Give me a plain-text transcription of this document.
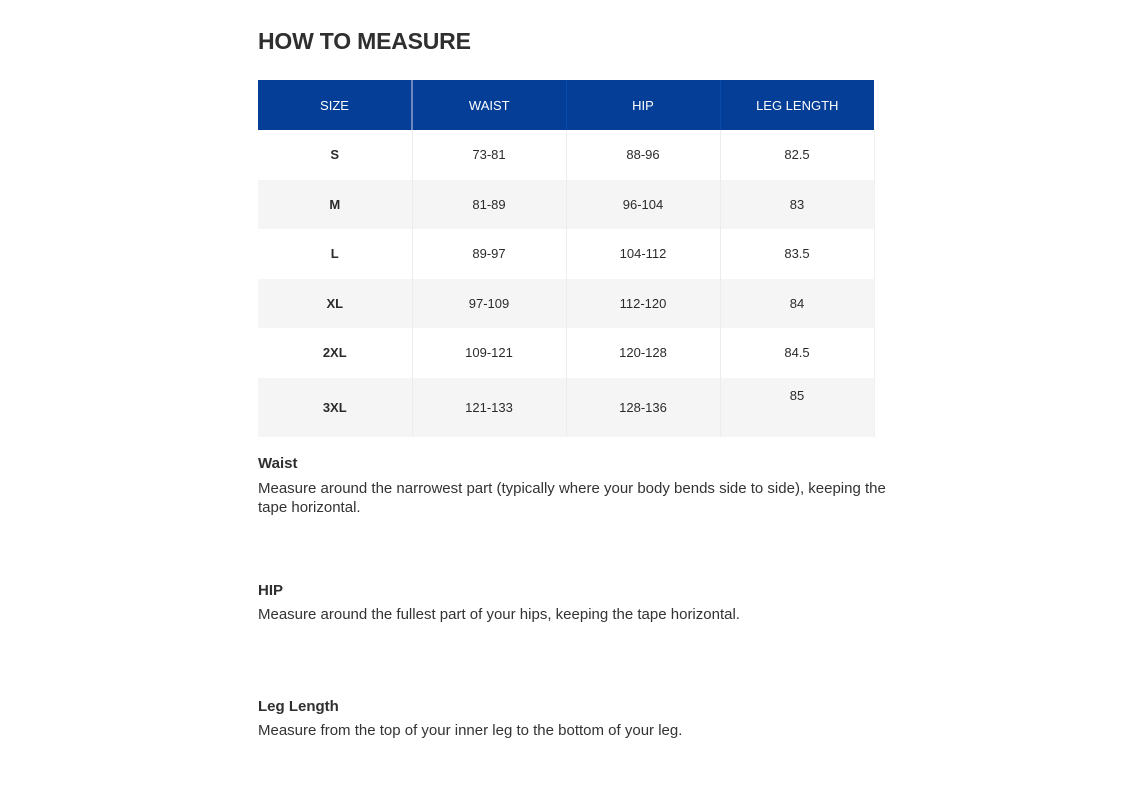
HOW TO MEASURE
SIZE	WAIST	HIP	LEG LENGTH
S	73-81	88-96	82.5
M	81-89	96-104	83
L	89-97	104-112	83.5
XL	97-109	112-120	84
2XL	109-121	120-128	84.5
3XL	121-133	128-136	85
Waist

Measure around the narrowest part (typically where your body bends side to side), keeping the tape horizontal.

HIP

Measure around the fullest part of your hips, keeping the tape horizontal.

Leg Length

Measure from the top of your inner leg to the bottom of your leg.
